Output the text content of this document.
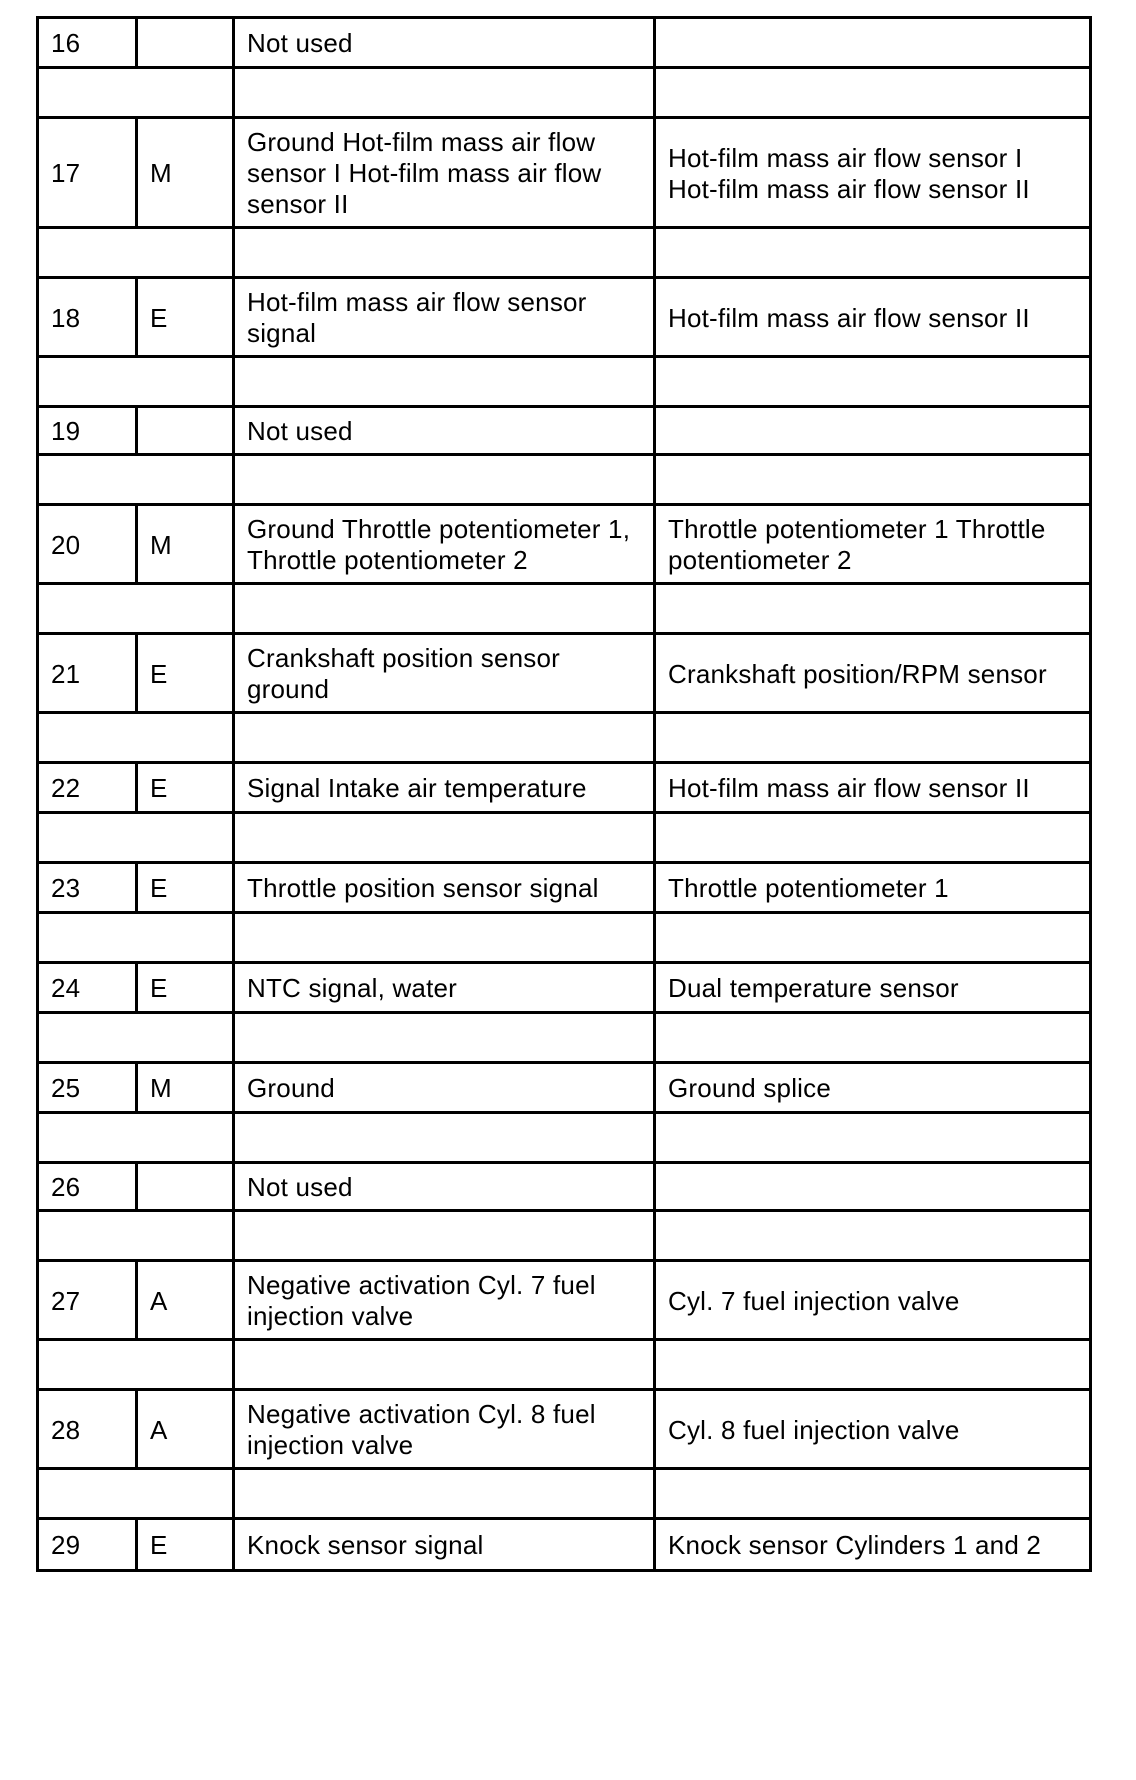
16		Not used	

17	M	Ground Hot-film mass air flow sensor I Hot-film mass air flow sensor II	Hot-film mass air flow sensor I Hot-film mass air flow sensor II

18	E	Hot-film mass air flow sensor signal	Hot-film mass air flow sensor II

19		Not used	

20	M	Ground Throttle potentiometer 1, Throttle potentiometer 2	Throttle potentiometer 1 Throttle potentiometer 2

21	E	Crankshaft position sensor ground	Crankshaft position/RPM sensor

22	E	Signal Intake air temperature	Hot-film mass air flow sensor II

23	E	Throttle position sensor signal	Throttle potentiometer 1

24	E	NTC signal, water	Dual temperature sensor

25	M	Ground	Ground splice

26		Not used	

27	A	Negative activation Cyl. 7 fuel injection valve	Cyl. 7 fuel injection valve

28	A	Negative activation Cyl. 8 fuel injection valve	Cyl. 8 fuel injection valve

29	E	Knock sensor signal	Knock sensor Cylinders 1 and 2
